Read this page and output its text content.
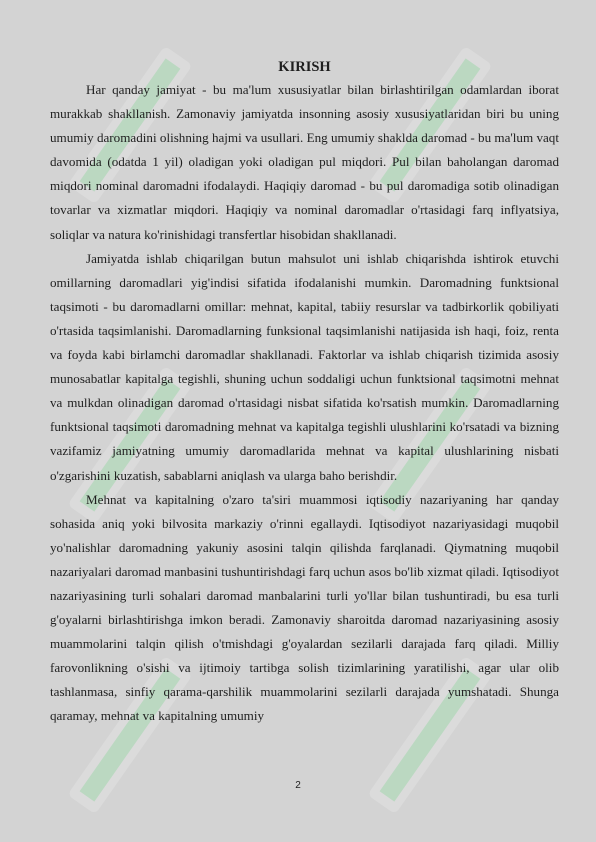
KIRISH

Har qanday jamiyat - bu ma'lum xususiyatlar bilan birlashtirilgan odamlardan iborat murakkab shakllanish. Zamonaviy jamiyatda insonning asosiy xususiyatlaridan biri bu uning umumiy daromadini olishning hajmi va usullari. Eng umumiy shaklda daromad - bu ma'lum vaqt davomida (odatda 1 yil) oladigan yoki oladigan pul miqdori. Pul bilan baholangan daromad miqdori nominal daromadni ifodalaydi. Haqiqiy daromad - bu pul daromadiga sotib olinadigan tovarlar va xizmatlar miqdori. Haqiqiy va nominal daromadlar o'rtasidagi farq inflyatsiya, soliqlar va natura ko'rinishidagi transfertlar hisobidan shakllanadi.

Jamiyatda ishlab chiqarilgan butun mahsulot uni ishlab chiqarishda ishtirok etuvchi omillarning daromadlari yig'indisi sifatida ifodalanishi mumkin. Daromadning funktsional taqsimoti - bu daromadlarni omillar: mehnat, kapital, tabiiy resurslar va tadbirkorlik qobiliyati o'rtasida taqsimlanishi. Daromadlarning funksional taqsimlanishi natijasida ish haqi, foiz, renta va foyda kabi birlamchi daromadlar shakllanadi. Faktorlar va ishlab chiqarish tizimida asosiy munosabatlar kapitalga tegishli, shuning uchun soddaligi uchun funktsional taqsimotni mehnat va mulkdan olinadigan daromad o'rtasidagi nisbat sifatida ko'rsatish mumkin. Daromadlarning funktsional taqsimoti daromadning mehnat va kapitalga tegishli ulushlarini ko'rsatadi va bizning vazifamiz jamiyatning umumiy daromadlarida mehnat va kapital ulushlarining nisbati o'zgarishini kuzatish, sabablarni aniqlash va ularga baho berishdir.

Mehnat va kapitalning o'zaro ta'siri muammosi iqtisodiy nazariyaning har qanday sohasida aniq yoki bilvosita markaziy o'rinni egallaydi. Iqtisodiyot nazariyasidagi muqobil yo'nalishlar daromadning yakuniy asosini talqin qilishda farqlanadi. Qiymatning muqobil nazariyalari daromad manbasini tushuntirishdagi farq uchun asos bo'lib xizmat qiladi. Iqtisodiyot nazariyasining turli sohalari daromad manbalarini turli yo'llar bilan tushuntiradi, bu esa turli g'oyalarni birlashtirishga imkon beradi. Zamonaviy sharoitda daromad nazariyasining asosiy muammolarini talqin qilish o'tmishdagi g'oyalardan sezilarli darajada farq qiladi. Milliy farovonlikning o'sishi va ijtimoiy tartibga solish tizimlarining yaratilishi, agar ular olib tashlanmasa, sinfiy qarama-qarshilik muammolarini sezilarli darajada yumshatadi. Shunga qaramay, mehnat va kapitalning umumiy

2
